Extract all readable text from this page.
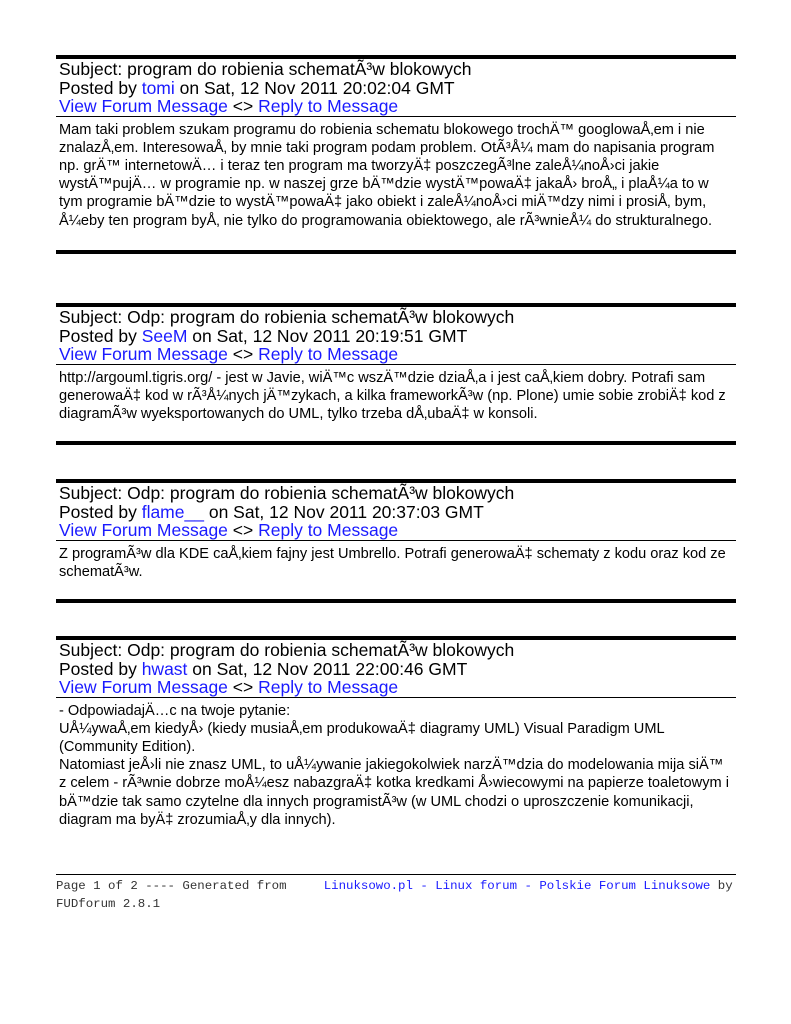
Subject: program do robienia schematÃ³w blokowych
Posted by tomi on Sat, 12 Nov 2011 20:02:04 GMT
View Forum Message <> Reply to Message

Mam taki problem szukam programu do robienia schematu blokowego trochÄ™ googlowaÅ‚em i nie znalazÅ‚em. InteresowaÅ‚ by mnie taki program podam problem. OtÃ³Å¼ mam do napisania program np. grÄ™ internetowÄ… i teraz ten program ma tworzyÄ‡ poszczegÃ³lne zaleÅ¼noÅ›ci jakie wystÄ™pujÄ… w programie np. w naszej grze bÄ™dzie wystÄ™powaÄ‡ jakaÅ› broÅ„ i plaÅ¼a to w tym programie bÄ™dzie to wystÄ™powaÄ‡ jako obiekt i zaleÅ¼noÅ›ci miÄ™dzy nimi i prosiÅ‚ bym, Å¼eby ten program byÅ‚ nie tylko do programowania obiektowego, ale rÃ³wnieÅ¼ do strukturalnego.

Subject: Odp: program do robienia schematÃ³w blokowych
Posted by SeeM on Sat, 12 Nov 2011 20:19:51 GMT
View Forum Message <> Reply to Message

http://argouml.tigris.org/ - jest w Javie, wiÄ™c wszÄ™dzie dziaÅ‚a i jest caÅ‚kiem dobry. Potrafi sam generowaÄ‡ kod w rÃ³Å¼nych jÄ™zykach, a kilka frameworkÃ³w (np. Plone) umie sobie zrobiÄ‡ kod z diagramÃ³w wyeksportowanych do UML, tylko trzeba dÅ‚ubaÄ‡ w konsoli.

Subject: Odp: program do robienia schematÃ³w blokowych
Posted by flame__ on Sat, 12 Nov 2011 20:37:03 GMT
View Forum Message <> Reply to Message

Z programÃ³w dla KDE caÅ‚kiem fajny jest Umbrello. Potrafi generowaÄ‡ schematy z kodu oraz kod ze schematÃ³w.

Subject: Odp: program do robienia schematÃ³w blokowych
Posted by hwast on Sat, 12 Nov 2011 22:00:46 GMT
View Forum Message <> Reply to Message

- OdpowiadajÄ…c na twoje pytanie:

UÅ¼ywaÅ‚em kiedyÅ› (kiedy musiaÅ‚em produkowaÄ‡ diagramy UML) Visual Paradigm UML (Community Edition).

Natomiast jeÅ›li nie znasz UML, to uÅ¼ywanie jakiegokolwiek narzÄ™dzia do modelowania mija siÄ™ z celem - rÃ³wnie dobrze moÅ¼esz nabazgraÄ‡ kotka kredkami Å›wiecowymi na papierze toaletowym i bÄ™dzie tak samo czytelne dla innych programistÃ³w (w UML chodzi o uproszczenie komunikacji, diagram ma byÄ‡ zrozumiaÅ‚y dla innych).

Page 1 of 2 ---- Generated from	Linuksowo.pl - Linux forum - Polskie Forum Linuksowe by FUDforum 2.8.1
